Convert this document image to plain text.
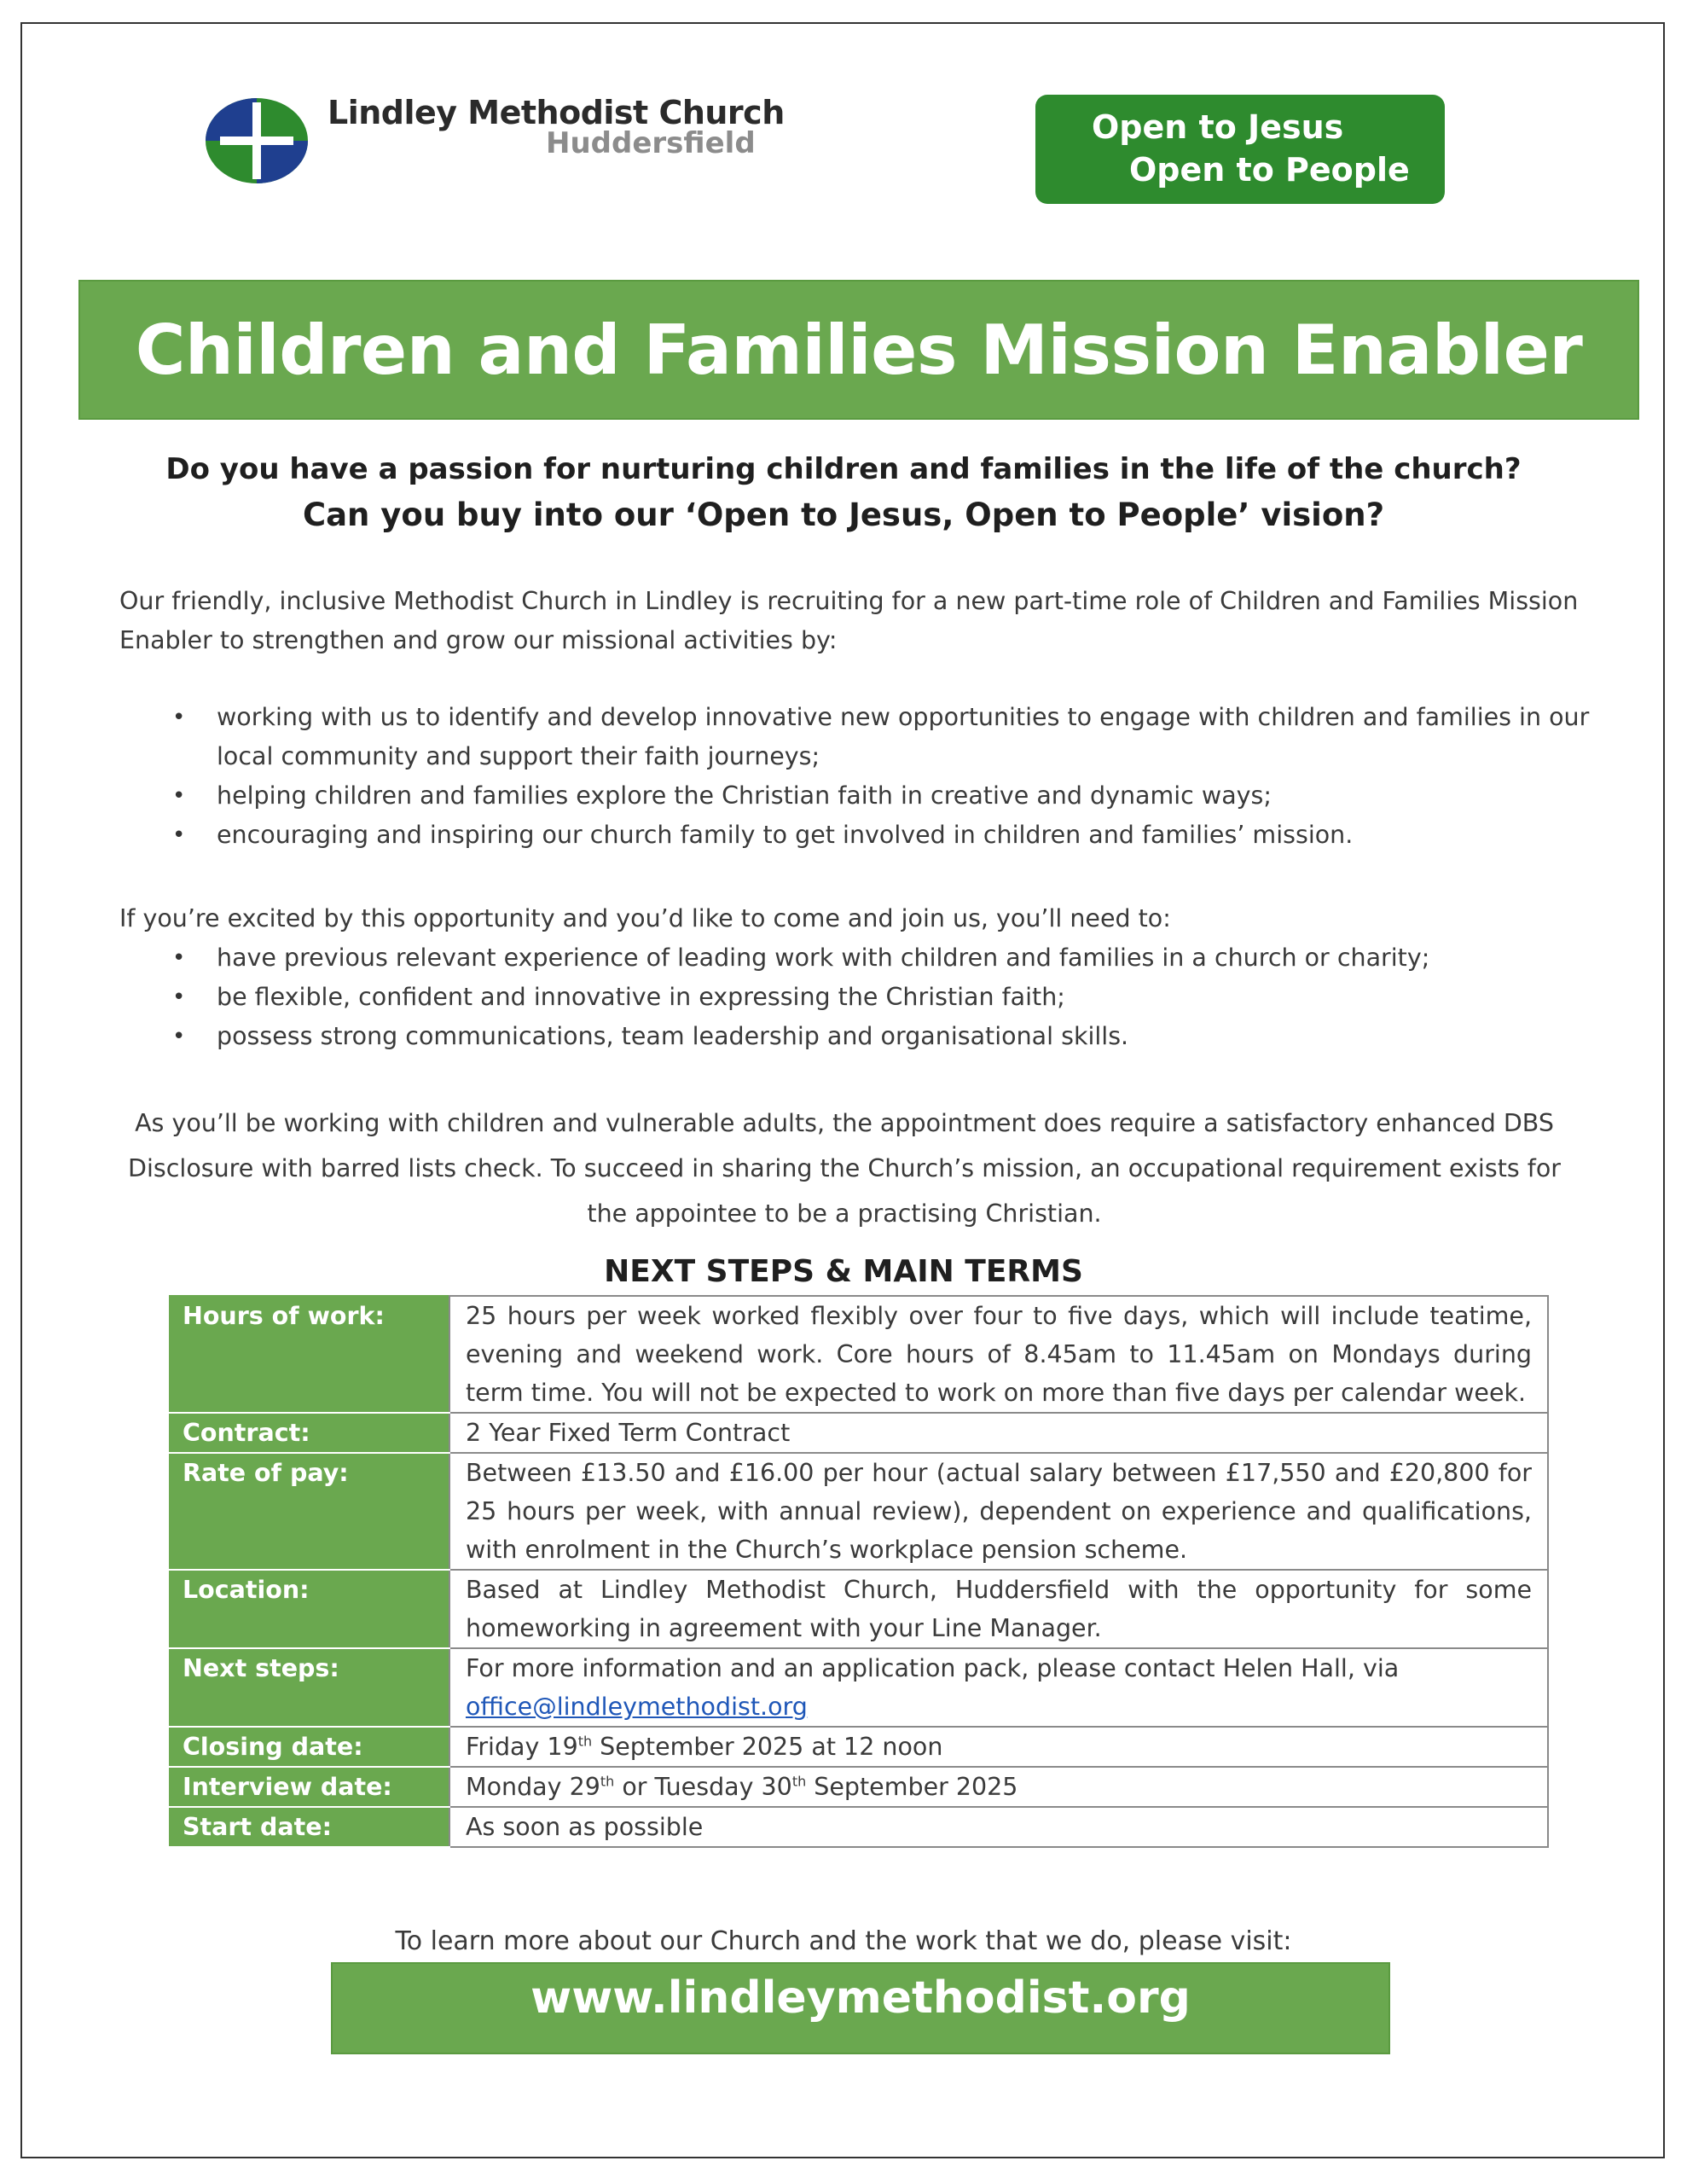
Lindley Methodist Church
Huddersfield	Open to Jesus
Open to People
Children and Families Mission Enabler
Do you have a passion for nurturing children and families in the life of the church?
Can you buy into our ‘Open to Jesus, Open to People’ vision?
Our friendly, inclusive Methodist Church in Lindley is recruiting for a new part-time role of Children and Families Mission Enabler to strengthen and grow our missional activities by:
• working with us to identify and develop innovative new opportunities to engage with children and families in our local community and support their faith journeys;
• helping children and families explore the Christian faith in creative and dynamic ways;
• encouraging and inspiring our church family to get involved in children and families’ mission.
If you’re excited by this opportunity and you’d like to come and join us, you’ll need to:
• have previous relevant experience of leading work with children and families in a church or charity;
• be flexible, confident and innovative in expressing the Christian faith;
• possess strong communications, team leadership and organisational skills.
As you’ll be working with children and vulnerable adults, the appointment does require a satisfactory enhanced DBS Disclosure with barred lists check. To succeed in sharing the Church’s mission, an occupational requirement exists for the appointee to be a practising Christian.
NEXT STEPS & MAIN TERMS
Hours of work:	25 hours per week worked flexibly over four to five days, which will include teatime, evening and weekend work. Core hours of 8.45am to 11.45am on Mondays during term time. You will not be expected to work on more than five days per calendar week.
Contract:	2 Year Fixed Term Contract
Rate of pay:	Between £13.50 and £16.00 per hour (actual salary between £17,550 and £20,800 for 25 hours per week, with annual review), dependent on experience and qualifications, with enrolment in the Church’s workplace pension scheme.
Location:	Based at Lindley Methodist Church, Huddersfield with the opportunity for some homeworking in agreement with your Line Manager.
Next steps:	For more information and an application pack, please contact Helen Hall, via
office@lindleymethodist.org
Closing date:	Friday 19th September 2025 at 12 noon
Interview date:	Monday 29th or Tuesday 30th September 2025
Start date:	As soon as possible
To learn more about our Church and the work that we do, please visit:
www.lindleymethodist.org
